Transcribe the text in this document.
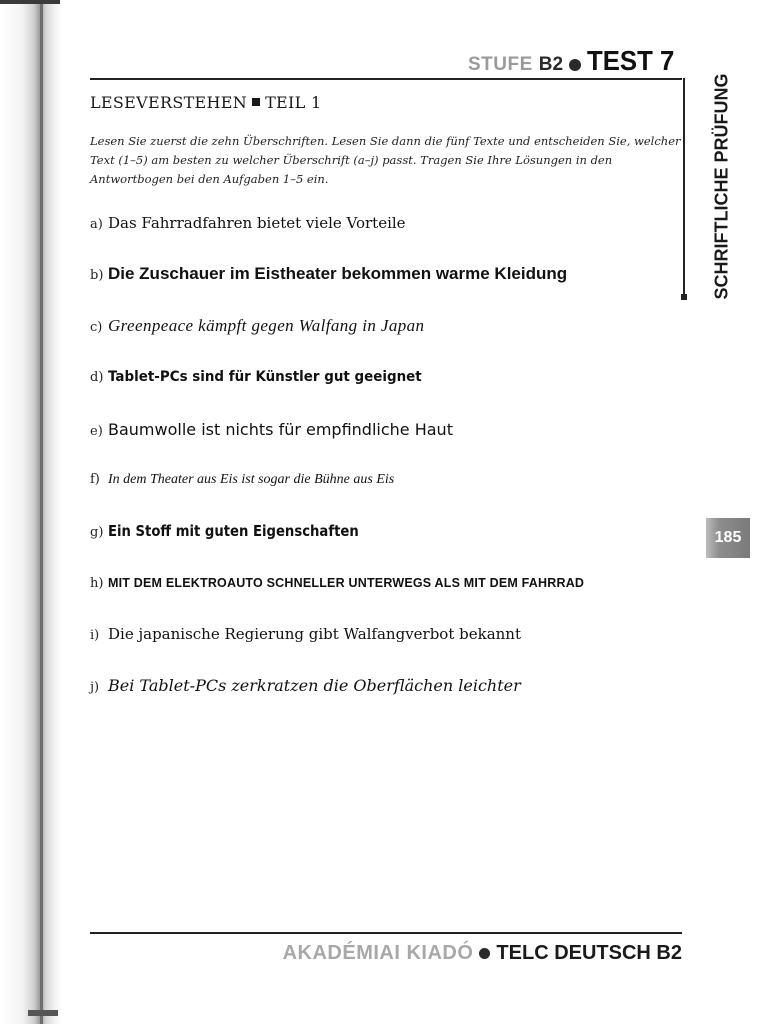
STUFE B2 TEST 7
SCHRIFTLICHE PRÜFUNG
185
LESEVERSTEHEN TEIL 1
Lesen Sie zuerst die zehn Überschriften. Lesen Sie dann die fünf Texte und entscheiden Sie, welcher Text (1–5) am besten zu welcher Überschrift (a–j) passt. Tragen Sie Ihre Lösungen in den Antwortbogen bei den Aufgaben 1–5 ein.
a) Das Fahrradfahren bietet viele Vorteile
b) Die Zuschauer im Eistheater bekommen warme Kleidung
c) Greenpeace kämpft gegen Walfang in Japan
d) Tablet-PCs sind für Künstler gut geeignet
e) Baumwolle ist nichts für empfindliche Haut
f) In dem Theater aus Eis ist sogar die Bühne aus Eis
g) Ein Stoff mit guten Eigenschaften
h) MIT DEM ELEKTROAUTO SCHNELLER UNTERWEGS ALS MIT DEM FAHRRAD
i) Die japanische Regierung gibt Walfangverbot bekannt
j) Bei Tablet-PCs zerkratzen die Oberflächen leichter
AKADÉMIAI KIADÓ TELC DEUTSCH B2
